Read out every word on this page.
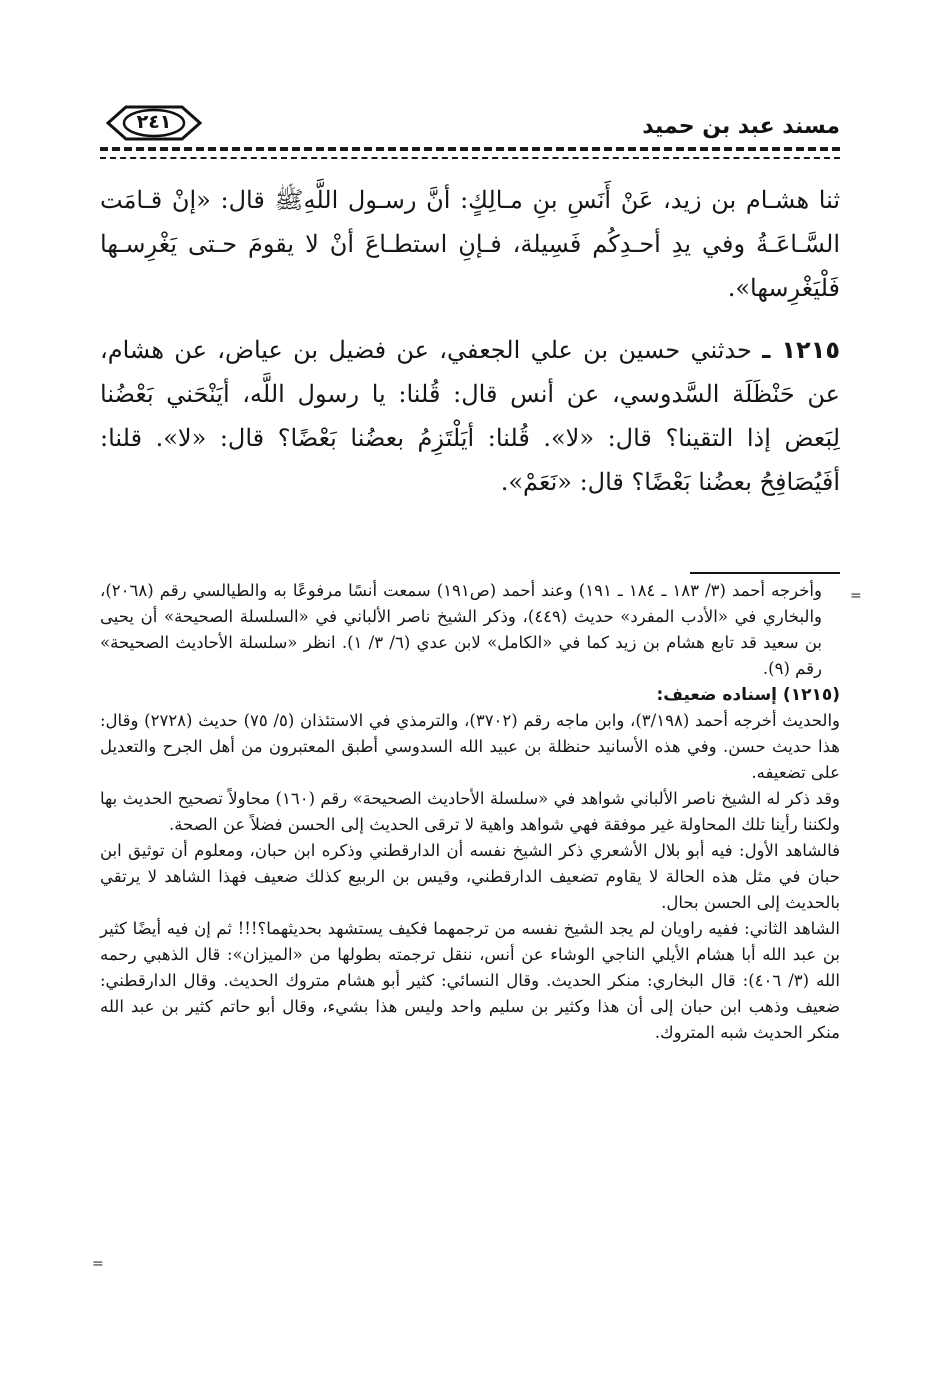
مسند عبد بن حميد
٢٤١

ثنا هشـام بن زيد، عَنْ أَنَسِ بنِ مـالِكٍ: أنَّ رسـول اللَّهِﷺ قال: «إنْ قـامَت السَّـاعَـةُ وفي يدِ أحـدِكُم فَسِيلة، فـإنِ استطـاعَ أنْ لا يقومَ حـتى يَغْرِسـها فَلْيَغْرِسها».

١٢١٥ ـ حدثني حسين بن علي الجعفي، عن فضيل بن عياض، عن هشام، عن حَنْظَلَة السَّدوسي، عن أنس قال: قُلنا: يا رسول اللَّه، أيَنْحَني بَعْضُنا لِبَعض إذا التقينا؟ قال: «لا». قُلنا: أيَلْتَزِمُ بعضُنا بَعْضًا؟ قال: «لا». قلنا: أفَيُصَافِحُ بعضُنا بَعْضًا؟ قال: «نَعَمْ».

=

وأخرجه أحمد (٣/ ١٨٣ ـ ١٨٤ ـ ١٩١) وعند أحمد (ص١٩١) سمعت أنسًا مرفوعًا به والطيالسي رقم (٢٠٦٨)، والبخاري في «الأدب المفرد» حديث (٤٤٩)، وذكر الشيخ ناصر الألباني في «السلسلة الصحيحة» أن يحيى بن سعيد قد تابع هشام بن زيد كما في «الكامل» لابن عدي (٦/ ٣/ ١). انظر «سلسلة الأحاديث الصحيحة» رقم (٩).

(١٢١٥) إسناده ضعيف:

والحديث أخرجه أحمد (٣/١٩٨)، وابن ماجه رقم (٣٧٠٢)، والترمذي في الاستئذان (٥/ ٧٥) حديث (٢٧٢٨) وقال: هذا حديث حسن. وفي هذه الأسانيد حنظلة بن عبيد الله السدوسي أطبق المعتبرون من أهل الجرح والتعديل على تضعيفه.

وقد ذكر له الشيخ ناصر الألباني شواهد في «سلسلة الأحاديث الصحيحة» رقم (١٦٠) محاولاً تصحيح الحديث بها ولكننا رأينا تلك المحاولة غير موفقة فهي شواهد واهية لا ترقى الحديث إلى الحسن فضلاً عن الصحة.

فالشاهد الأول: فيه أبو بلال الأشعري ذكر الشيخ نفسه أن الدارقطني وذكره ابن حبان، ومعلوم أن توثيق ابن حبان في مثل هذه الحالة لا يقاوم تضعيف الدارقطني، وقيس بن الربيع كذلك ضعيف فهذا الشاهد لا يرتقي بالحديث إلى الحسن بحال.

الشاهد الثاني: ففيه راويان لم يجد الشيخ نفسه من ترجمهما فكيف يستشهد بحديثهما؟!!! ثم إن فيه أيضًا كثير بن عبد الله أبا هشام الأيلي الناجي الوشاء عن أنس، ننقل ترجمته بطولها من «الميزان»: قال الذهبي رحمه الله (٣/ ٤٠٦): قال البخاري: منكر الحديث. وقال النسائي: كثير أبو هشام متروك الحديث. وقال الدارقطني: ضعيف وذهب ابن حبان إلى أن هذا وكثير بن سليم واحد وليس هذا بشيء، وقال أبو حاتم كثير بن عبد الله منكر الحديث شبه المتروك.

=
